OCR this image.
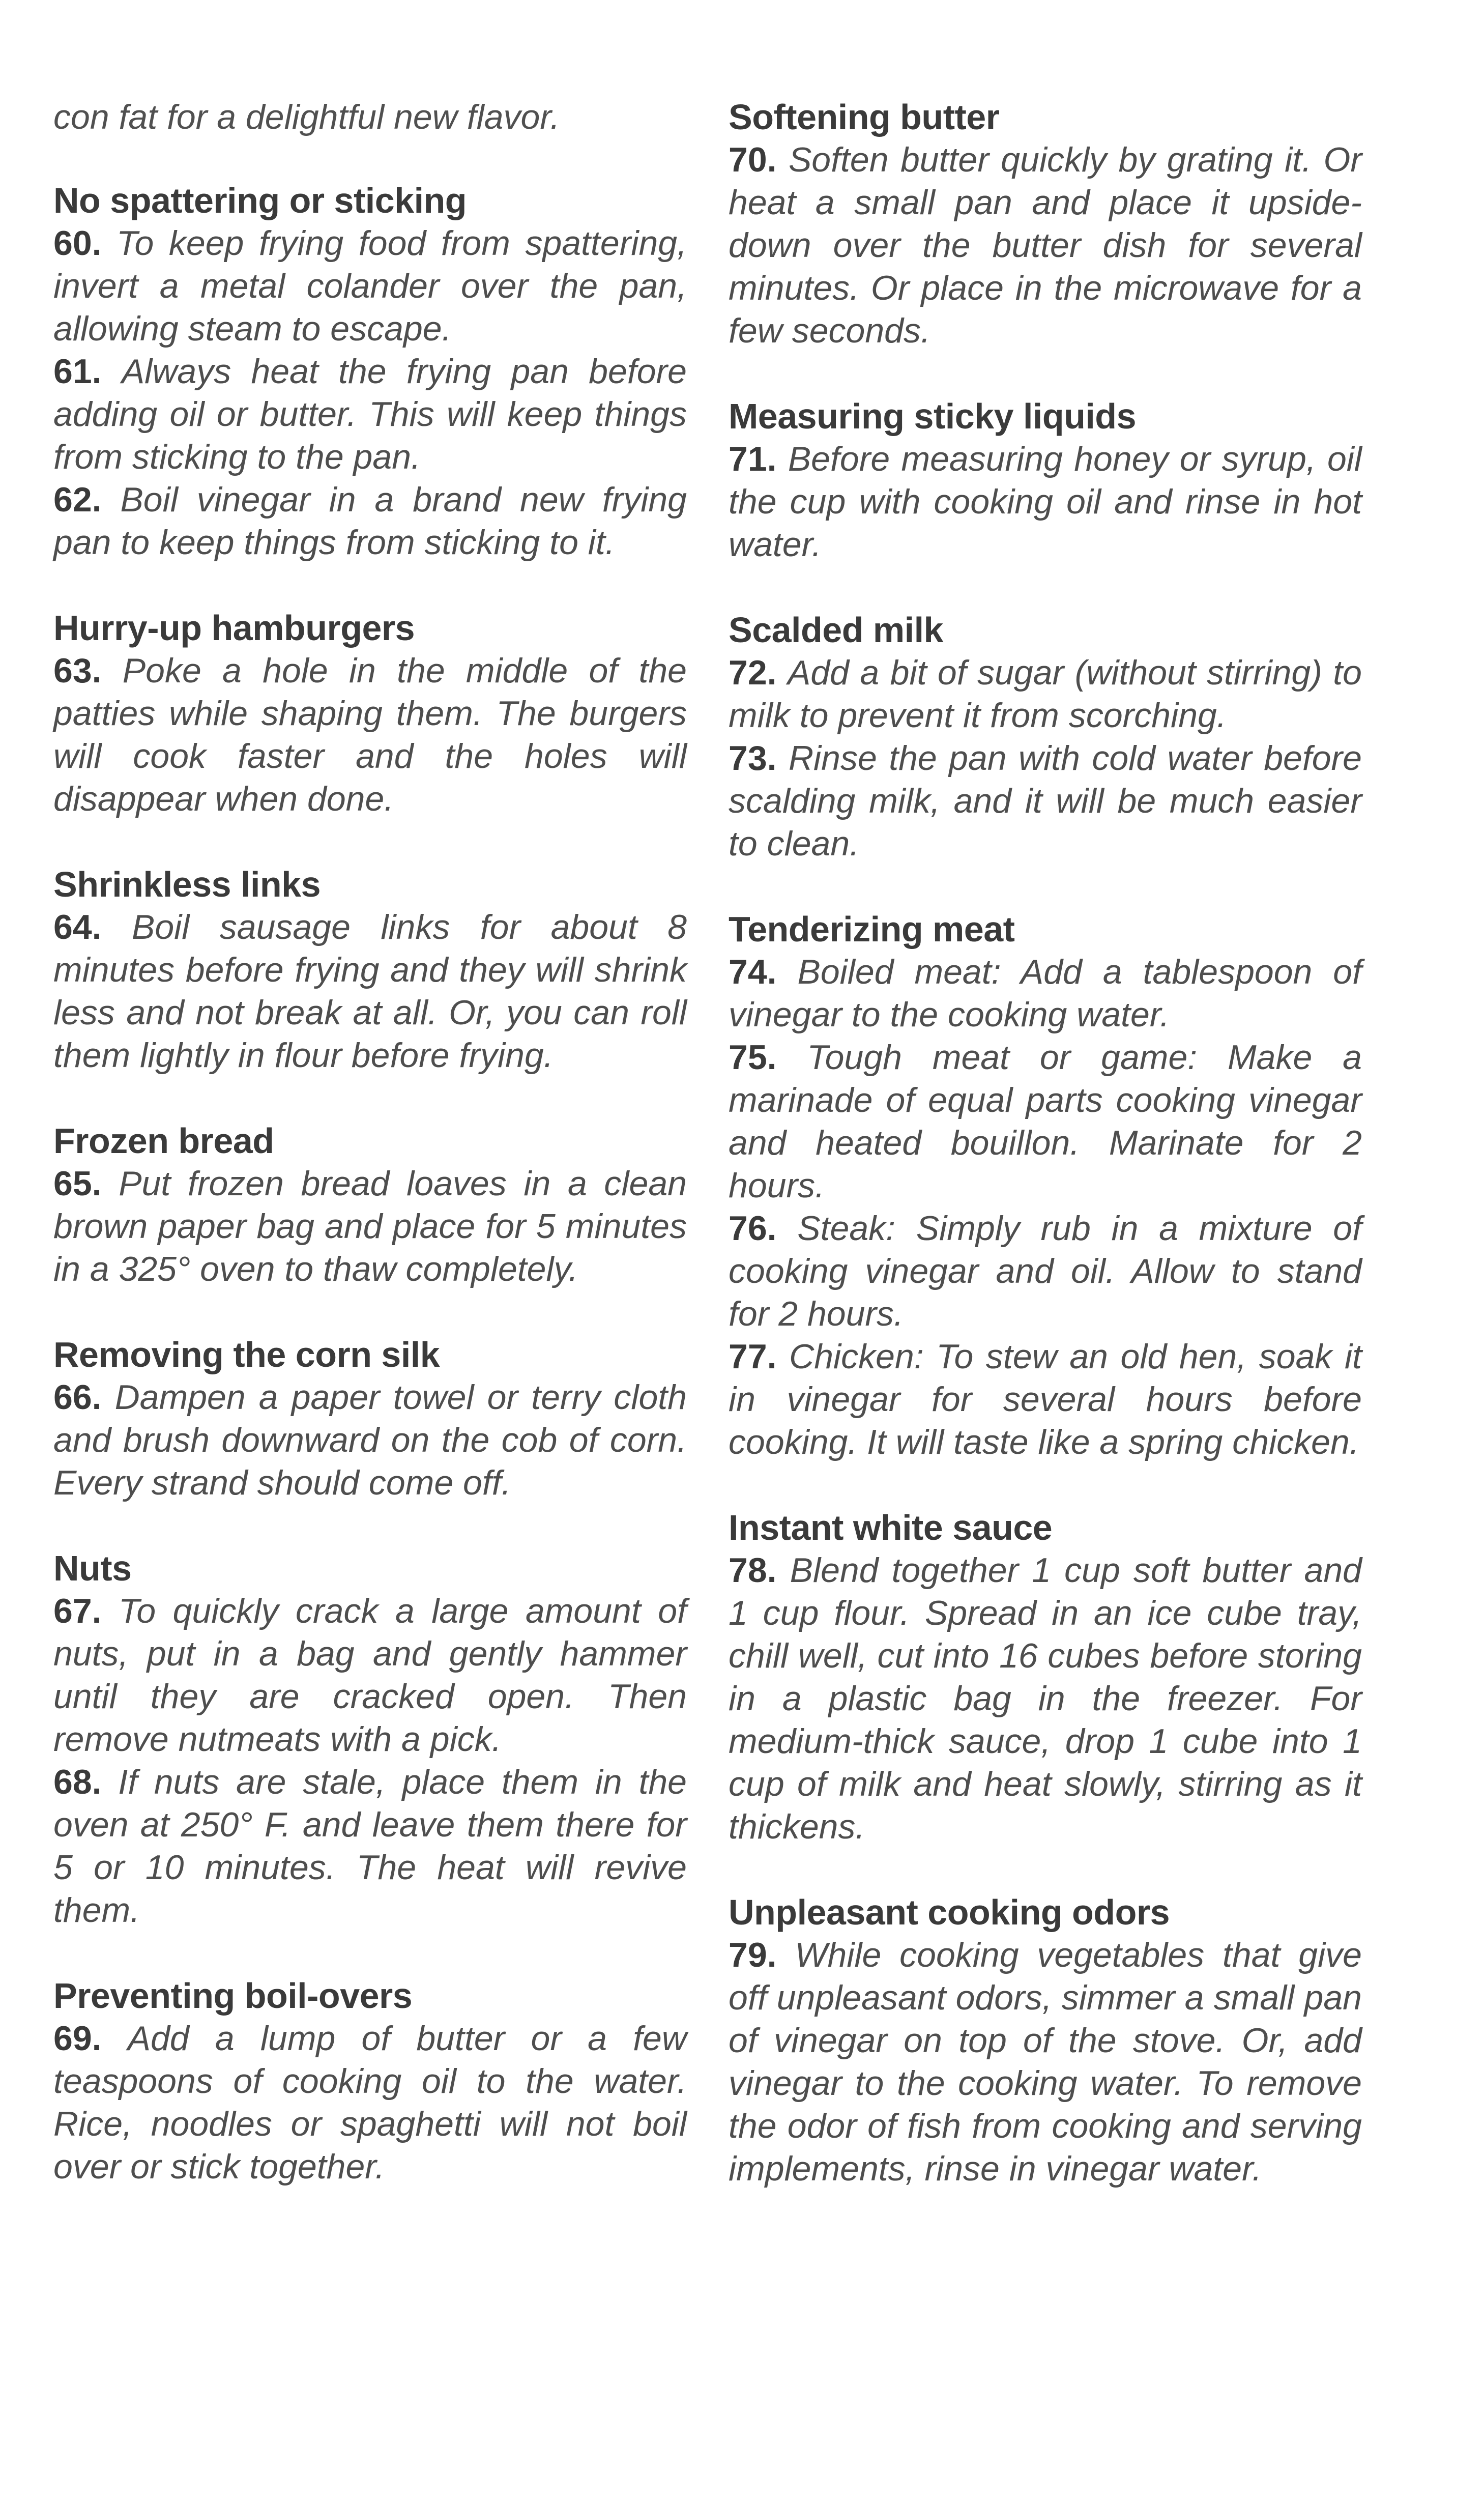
con fat for a delightful new flavor.

No spattering or sticking

60. To keep frying food from spattering, invert a metal colander over the pan, allowing steam to escape.

61. Always heat the frying pan before adding oil or butter. This will keep things from sticking to the pan.

62. Boil vinegar in a brand new frying pan to keep things from sticking to it.

Hurry-up hamburgers

63. Poke a hole in the middle of the patties while shaping them. The burgers will cook faster and the holes will disappear when done.

Shrinkless links

64. Boil sausage links for about 8 minutes before frying and they will shrink less and not break at all. Or, you can roll them lightly in flour before frying.

Frozen bread

65. Put frozen bread loaves in a clean brown paper bag and place for 5 minutes in a 325° oven to thaw completely.

Removing the corn silk

66. Dampen a paper towel or terry cloth and brush downward on the cob of corn. Every strand should come off.

Nuts

67. To quickly crack a large amount of nuts, put in a bag and gently hammer until they are cracked open. Then remove nutmeats with a pick.

68. If nuts are stale, place them in the oven at 250° F. and leave them there for 5 or 10 minutes. The heat will revive them.

Preventing boil-overs

69. Add a lump of butter or a few teaspoons of cooking oil to the water. Rice, noodles or spaghetti will not boil over or stick together.

Softening butter

70. Soften butter quickly by grating it. Or heat a small pan and place it upside-down over the butter dish for several minutes. Or place in the microwave for a few seconds.

Measuring sticky liquids

71. Before measuring honey or syrup, oil the cup with cooking oil and rinse in hot water.

Scalded milk

72. Add a bit of sugar (without stirring) to milk to prevent it from scorching.

73. Rinse the pan with cold water before scalding milk, and it will be much easier to clean.

Tenderizing meat

74. Boiled meat: Add a tablespoon of vinegar to the cooking water.

75. Tough meat or game: Make a marinade of equal parts cooking vinegar and heated bouillon. Marinate for 2 hours.

76. Steak: Simply rub in a mixture of cooking vinegar and oil. Allow to stand for 2 hours.

77. Chicken: To stew an old hen, soak it in vinegar for several hours before cooking. It will taste like a spring chicken.

Instant white sauce

78. Blend together 1 cup soft butter and 1 cup flour. Spread in an ice cube tray, chill well, cut into 16 cubes before storing in a plastic bag in the freezer. For medium-thick sauce, drop 1 cube into 1 cup of milk and heat slowly, stirring as it thickens.

Unpleasant cooking odors

79. While cooking vegetables that give off unpleasant odors, simmer a small pan of vinegar on top of the stove. Or, add vinegar to the cooking water. To remove the odor of fish from cooking and serving implements, rinse in vinegar water.
